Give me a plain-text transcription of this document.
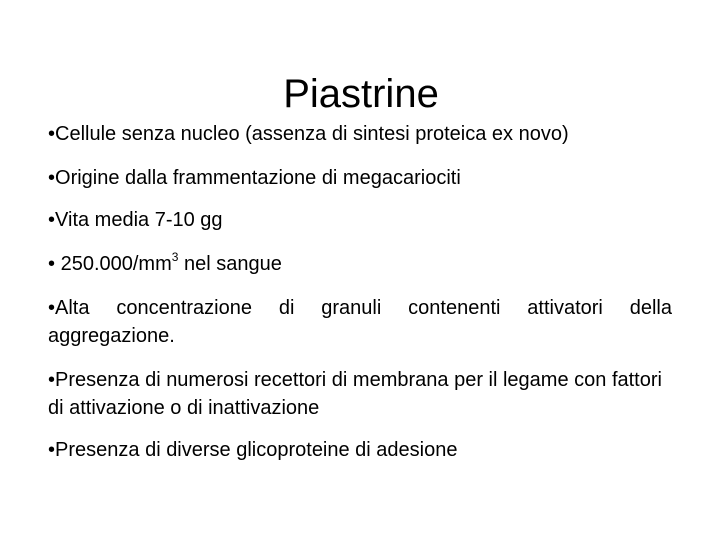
Piastrine
•Cellule senza nucleo (assenza di sintesi proteica ex novo)
•Origine dalla frammentazione di megacariociti
•Vita media 7-10 gg
• $250.000/mm^3$ nel sangue
•Alta concentrazione di granuli contenenti attivatori della aggregazione.
•Presenza di numerosi recettori di membrana per il legame con fattori di attivazione o di inattivazione
•Presenza di diverse glicoproteine di adesione
